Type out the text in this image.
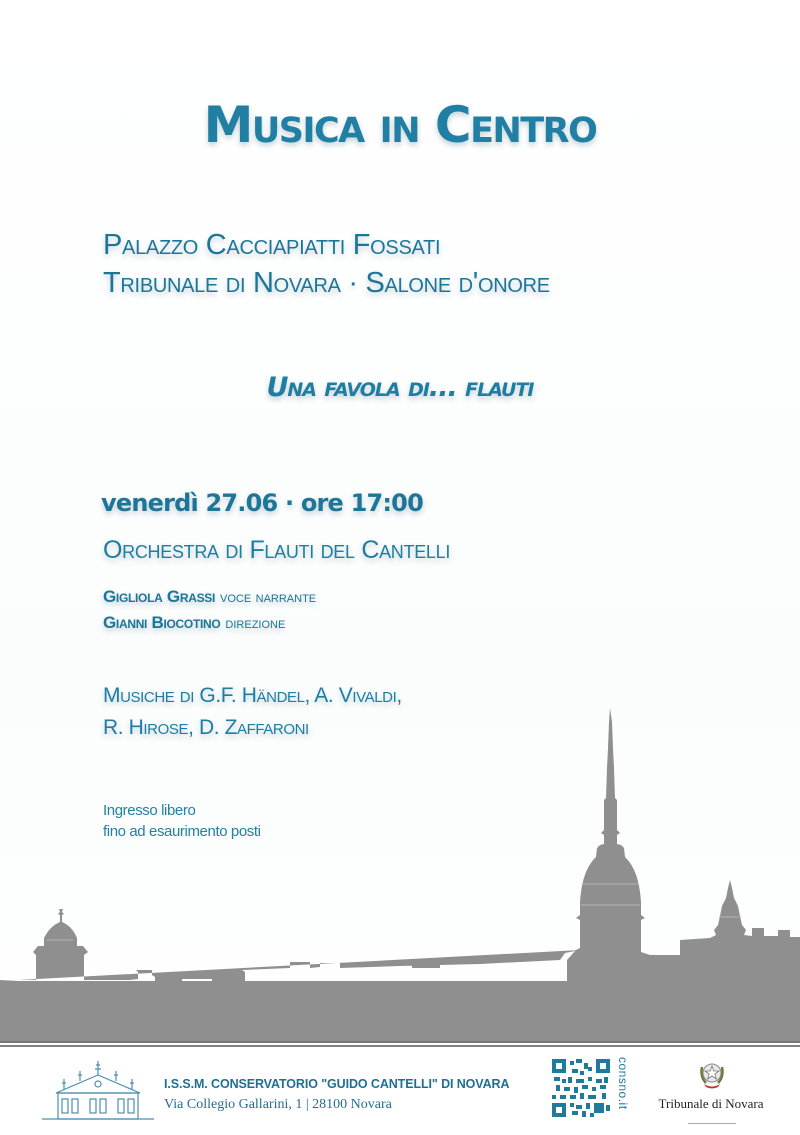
Musica in Centro
Palazzo Cacciapiatti Fossati
Tribunale di Novara · Salone d'onore
Una favola di... flauti
venerdì 27.06 · ore 17:00
Orchestra di Flauti del Cantelli
Gigliola Grassi voce narrante
Gianni Biocotino direzione
Musiche di G.F. Händel, A. Vivaldi,
R. Hirose, D. Zaffaroni
Ingresso libero
fino ad esaurimento posti
I.S.S.M. CONSERVATORIO "GUIDO CANTELLI" DI NOVARA
Via Collegio Gallarini, 1 | 28100 Novara	consno.it Tribunale di Novara
